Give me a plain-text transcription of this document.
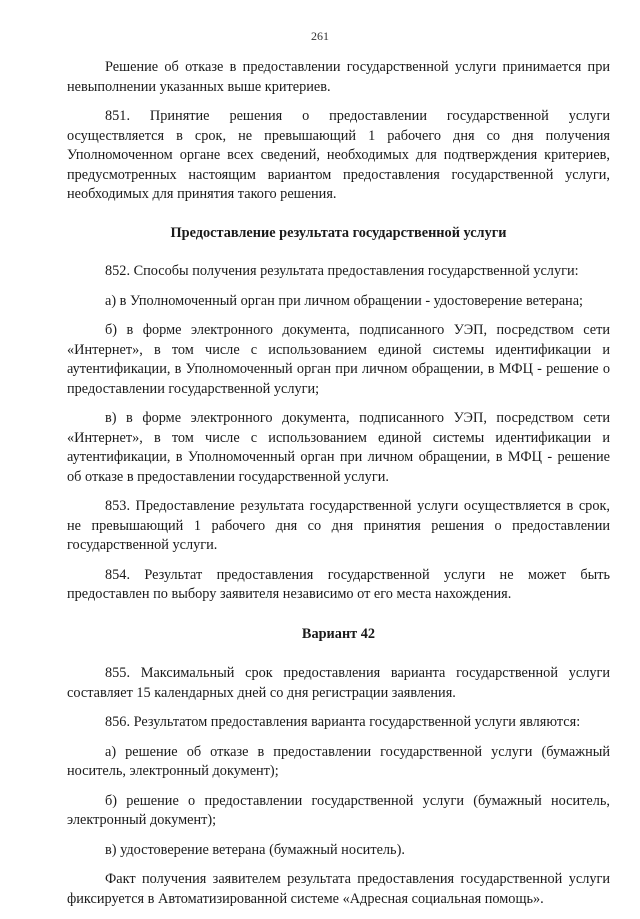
261

Решение об отказе в предоставлении государственной услуги принимается при невыполнении указанных выше критериев.

851. Принятие решения о предоставлении государственной услуги осуществляется в срок, не превышающий 1 рабочего дня со дня получения Уполномоченном органе всех сведений, необходимых для подтверждения критериев, предусмотренных настоящим вариантом предоставления государственной услуги, необходимых для принятия такого решения.

Предоставление результата государственной услуги

852. Способы получения результата предоставления государственной услуги:

а) в Уполномоченный орган при личном обращении - удостоверение ветерана;

б) в форме электронного документа, подписанного УЭП, посредством сети «Интернет», в том числе с использованием единой системы идентификации и аутентификации, в Уполномоченный орган при личном обращении, в МФЦ - решение о предоставлении государственной услуги;

в) в форме электронного документа, подписанного УЭП, посредством сети «Интернет», в том числе с использованием единой системы идентификации и аутентификации, в Уполномоченный орган при личном обращении, в МФЦ - решение об отказе в предоставлении государственной услуги.

853. Предоставление результата государственной услуги осуществляется в срок, не превышающий 1 рабочего дня со дня принятия решения о предоставлении государственной услуги.

854. Результат предоставления государственной услуги не может быть предоставлен по выбору заявителя независимо от его места нахождения.

Вариант 42

855. Максимальный срок предоставления варианта государственной услуги составляет 15 календарных дней со дня регистрации заявления.

856. Результатом предоставления варианта государственной услуги являются:

а) решение об отказе в предоставлении государственной услуги (бумажный носитель, электронный документ);

б) решение о предоставлении государственной услуги (бумажный носитель, электронный документ);

в) удостоверение ветерана (бумажный носитель).

Факт получения заявителем результата предоставления государственной услуги фиксируется в Автоматизированной системе «Адресная социальная помощь».
